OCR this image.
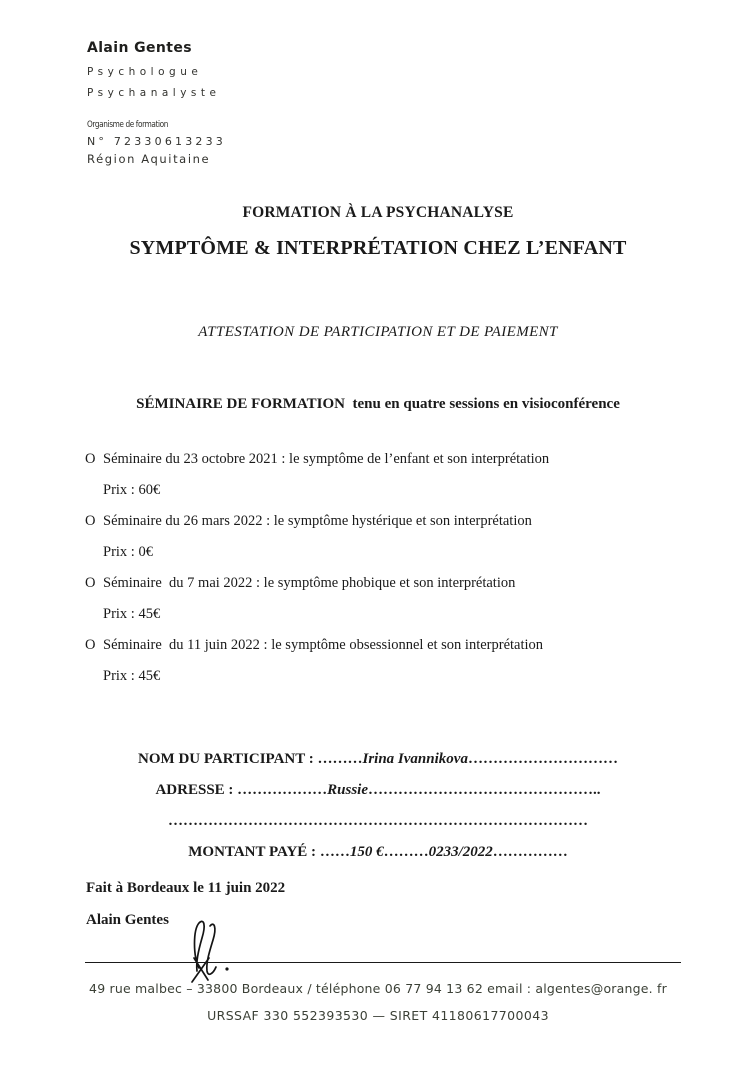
Alain Gentes
Psychologue
Psychanalyste
Organisme de formation
N° 72330613233
Région Aquitaine
FORMATION À LA PSYCHANALYSE
SYMPTÔME & INTERPRÉTATION CHEZ L’ENFANT
ATTESTATION DE PARTICIPATION ET DE PAIEMENT
SÉMINAIRE DE FORMATION  tenu en quatre sessions en visioconférence
O Séminaire du 23 octobre 2021 : le symptôme de l’enfant et son interprétation
Prix : 60€
O Séminaire du 26 mars 2022 : le symptôme hystérique et son interprétation
Prix : 0€
O Séminaire  du 7 mai 2022 : le symptôme phobique et son interprétation
Prix : 45€
O Séminaire  du 11 juin 2022 : le symptôme obsessionnel et son interprétation
Prix : 45€
NOM DU PARTICIPANT : ………Irina Ivannikova…………………………
ADRESSE : ………………Russie………………………………………..
…………………………………………………………………………
MONTANT PAYÉ : ……150 €………0233/2022……………
Fait à Bordeaux le 11 juin 2022
Alain Gentes
49 rue malbec – 33800 Bordeaux / téléphone 06 77 94 13 62 email : algentes@orange. fr
URSSAF 330 552393530 — SIRET 41180617700043
